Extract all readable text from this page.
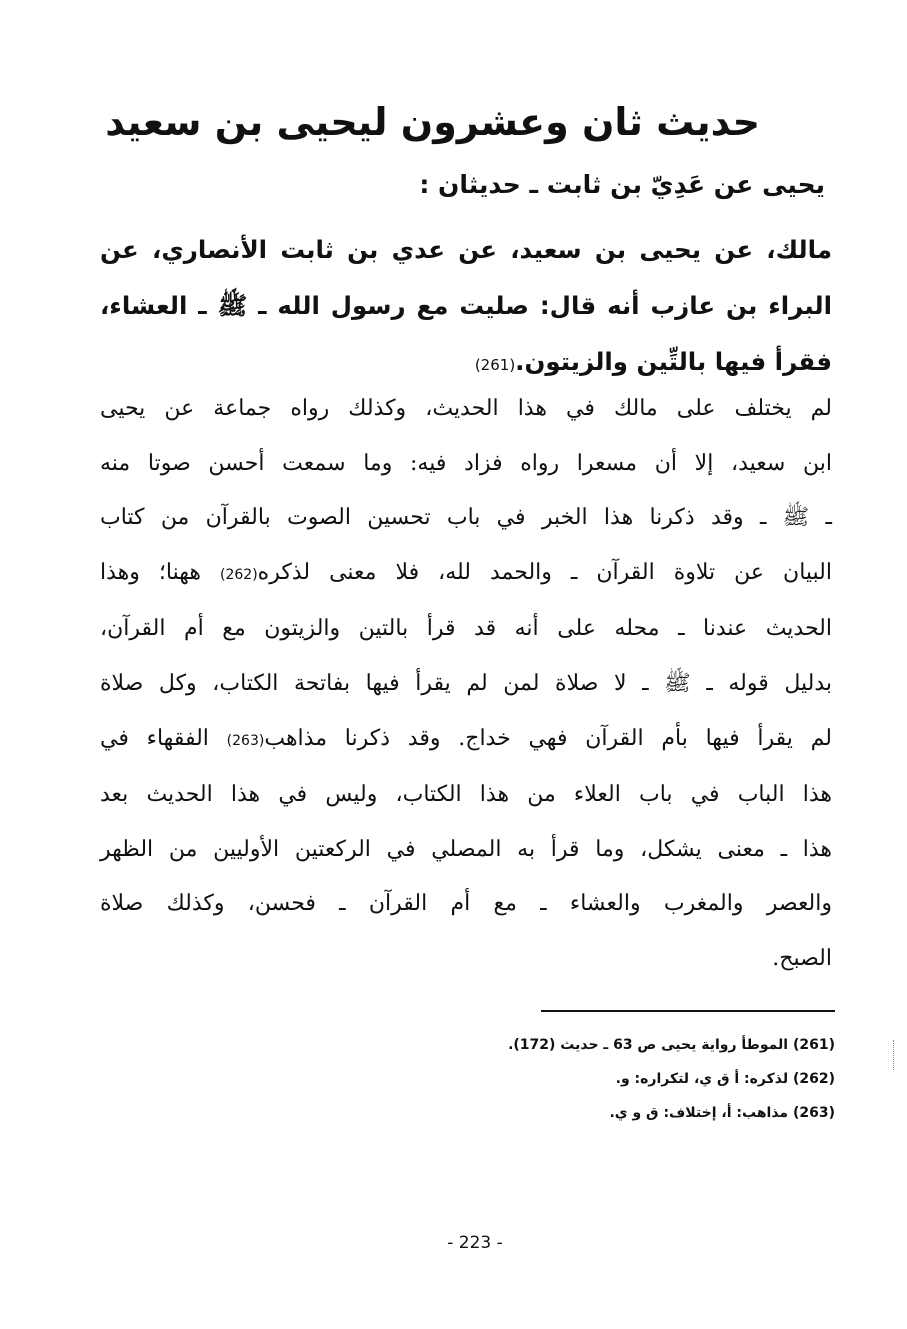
حديث ثان وعشرون ليحيى بن سعيد
يحيى عن عَدِيّ بن ثابت ـ حديثان :
مالك، عن يحيى بن سعيد، عن عدي بن ثابت الأنصاري، عن
البراء بن عازب أنه قال: صليت مع رسول الله ـ ﷺ ـ العشاء،
فقرأ فيها بالتِّين والزيتون.(261)
لم يختلف على مالك في هذا الحديث، وكذلك رواه جماعة عن يحيى
ابن سعيد، إلا أن مسعرا رواه فزاد فيه: وما سمعت أحسن صوتا منه
ـ ﷺ ـ وقد ذكرنا هذا الخبر في باب تحسين الصوت بالقرآن من كتاب
البيان عن تلاوة القرآن ـ والحمد لله، فلا معنى لذكره(262) ههنا؛ وهذا
الحديث عندنا ـ محله على أنه قد قرأ بالتين والزيتون مع أم القرآن،
بدليل قوله ـ ﷺ ـ لا صلاة لمن لم يقرأ فيها بفاتحة الكتاب، وكل صلاة
لم يقرأ فيها بأم القرآن فهي خداج. وقد ذكرنا مذاهب(263) الفقهاء في
هذا الباب في باب العلاء من هذا الكتاب، وليس في هذا الحديث بعد
هذا ـ معنى يشكل، وما قرأ به المصلي في الركعتين الأوليين من الظهر
والعصر والمغرب والعشاء ـ مع أم القرآن ـ فحسن، وكذلك صلاة
الصبح.
(261) الموطأ رواية يحيى ص 63 ـ حديث (172).
(262) لذكره: أ ق ي، لتكراره: و.
(263) مذاهب: أ، إختلاف: ق و ي.
- 223 -
